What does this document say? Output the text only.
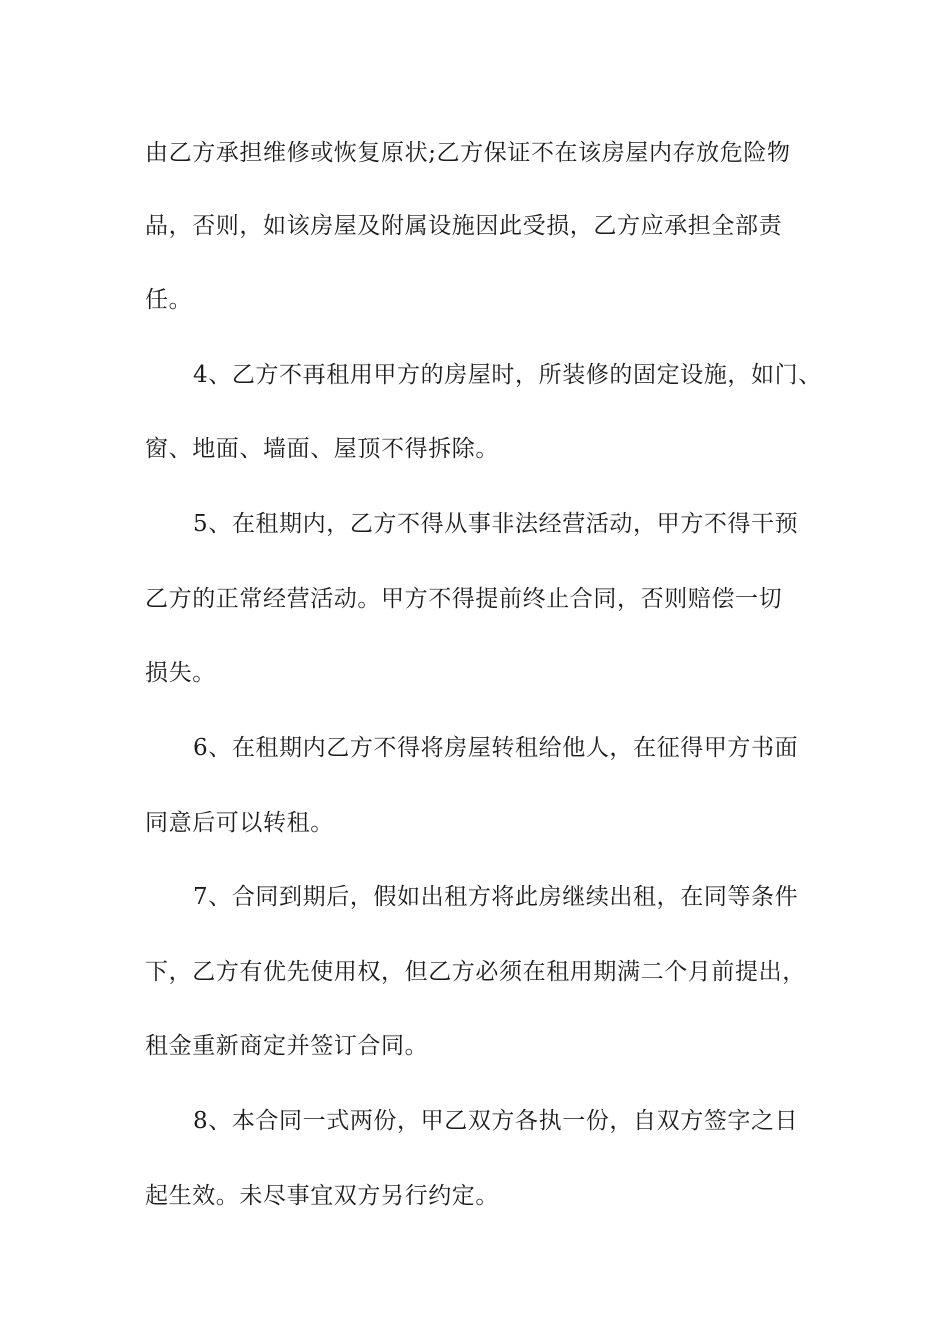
由乙方承担维修或恢复原状;乙方保证不在该房屋内存放危险物
品，否则，如该房屋及附属设施因此受损，乙方应承担全部责
任。
4、乙方不再租用甲方的房屋时，所装修的固定设施，如门、
窗、地面、墙面、屋顶不得拆除。
5、在租期内，乙方不得从事非法经营活动，甲方不得干预
乙方的正常经营活动。甲方不得提前终止合同，否则赔偿一切
损失。
6、在租期内乙方不得将房屋转租给他人，在征得甲方书面
同意后可以转租。
7、合同到期后，假如出租方将此房继续出租，在同等条件
下，乙方有优先使用权，但乙方必须在租用期满二个月前提出，
租金重新商定并签订合同。
8、本合同一式两份，甲乙双方各执一份，自双方签字之日
起生效。未尽事宜双方另行约定。
